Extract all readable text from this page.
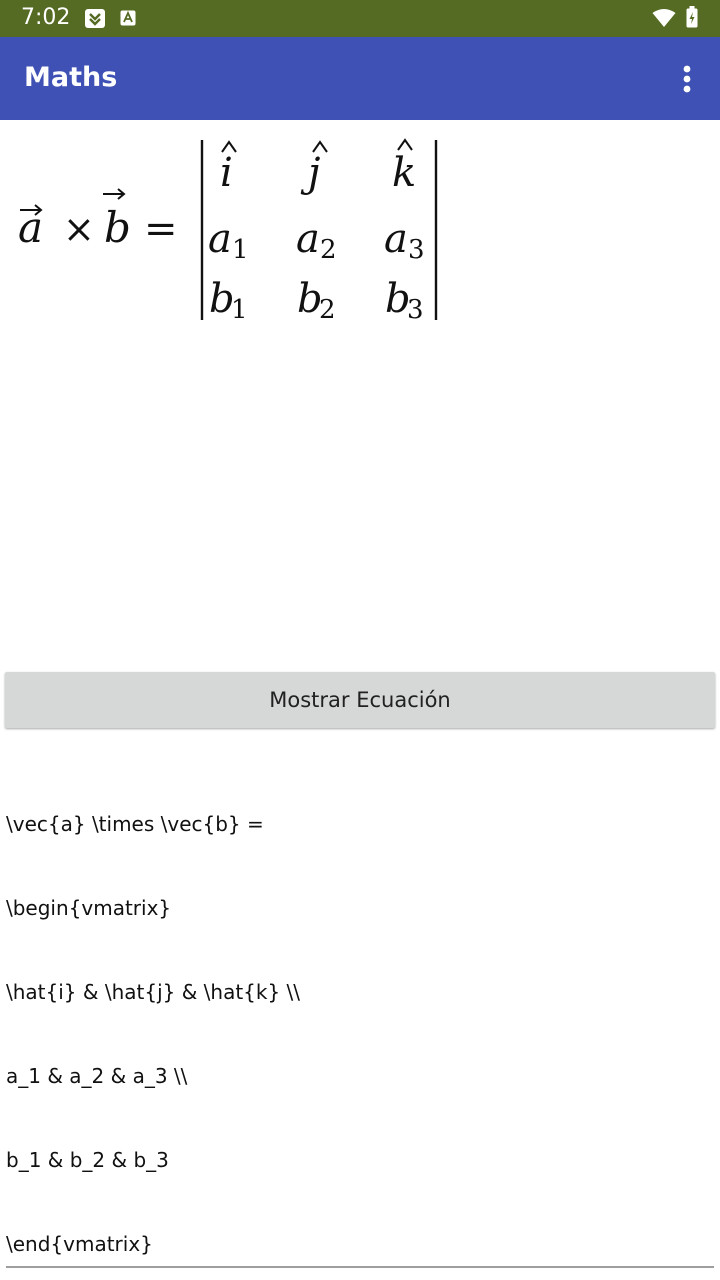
7:02
Maths
a × b =
i j k
a 1 a 2 a 3
b
1 b
2 b
3
Mostrar Ecuación

\vec{a} \times \vec{b} =

\begin{vmatrix}

\hat{i} & \hat{j} & \hat{k} \\

a_1 & a_2 & a_3 \\

b_1 & b_2 & b_3

\end{vmatrix}
